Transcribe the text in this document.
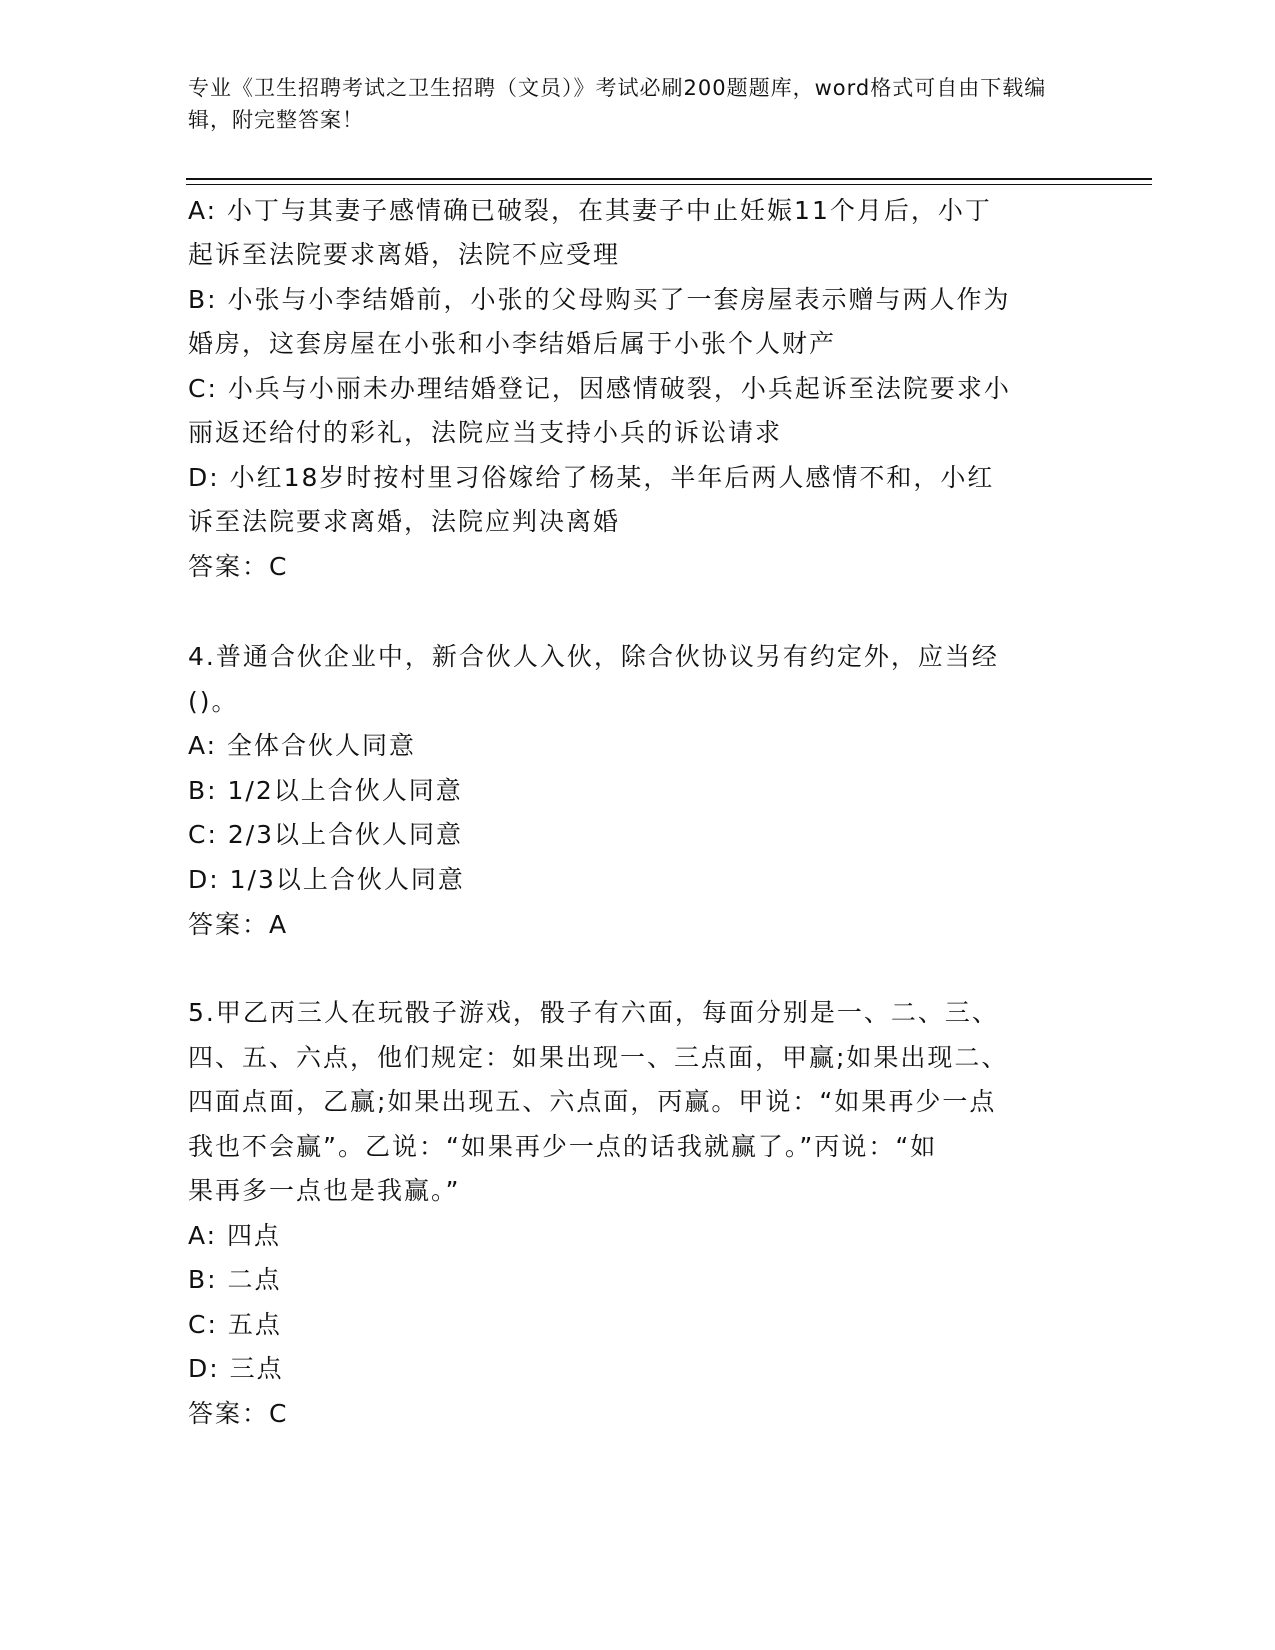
专业《卫生招聘考试之卫生招聘（文员）》考试必刷200题题库，word格式可自由下载编辑，附完整答案！
A: 小丁与其妻子感情确已破裂，在其妻子中止妊娠11个月后，小丁
起诉至法院要求离婚，法院不应受理
B: 小张与小李结婚前，小张的父母购买了一套房屋表示赠与两人作为
婚房，这套房屋在小张和小李结婚后属于小张个人财产
C: 小兵与小丽未办理结婚登记，因感情破裂，小兵起诉至法院要求小
丽返还给付的彩礼，法院应当支持小兵的诉讼请求
D: 小红18岁时按村里习俗嫁给了杨某，半年后两人感情不和，小红
诉至法院要求离婚，法院应判决离婚
答案：C
4.普通合伙企业中，新合伙人入伙，除合伙协议另有约定外，应当经
()。
A: 全体合伙人同意
B: 1/2以上合伙人同意
C: 2/3以上合伙人同意
D: 1/3以上合伙人同意
答案：A
5.甲乙丙三人在玩骰子游戏，骰子有六面，每面分别是一、二、三、
四、五、六点，他们规定：如果出现一、三点面，甲赢;如果出现二、
四面点面，乙赢;如果出现五、六点面，丙赢。甲说：“如果再少一点
我也不会赢”。乙说：“如果再少一点的话我就赢了。”丙说：“如
果再多一点也是我赢。”
A: 四点
B: 二点
C: 五点
D: 三点
答案：C
